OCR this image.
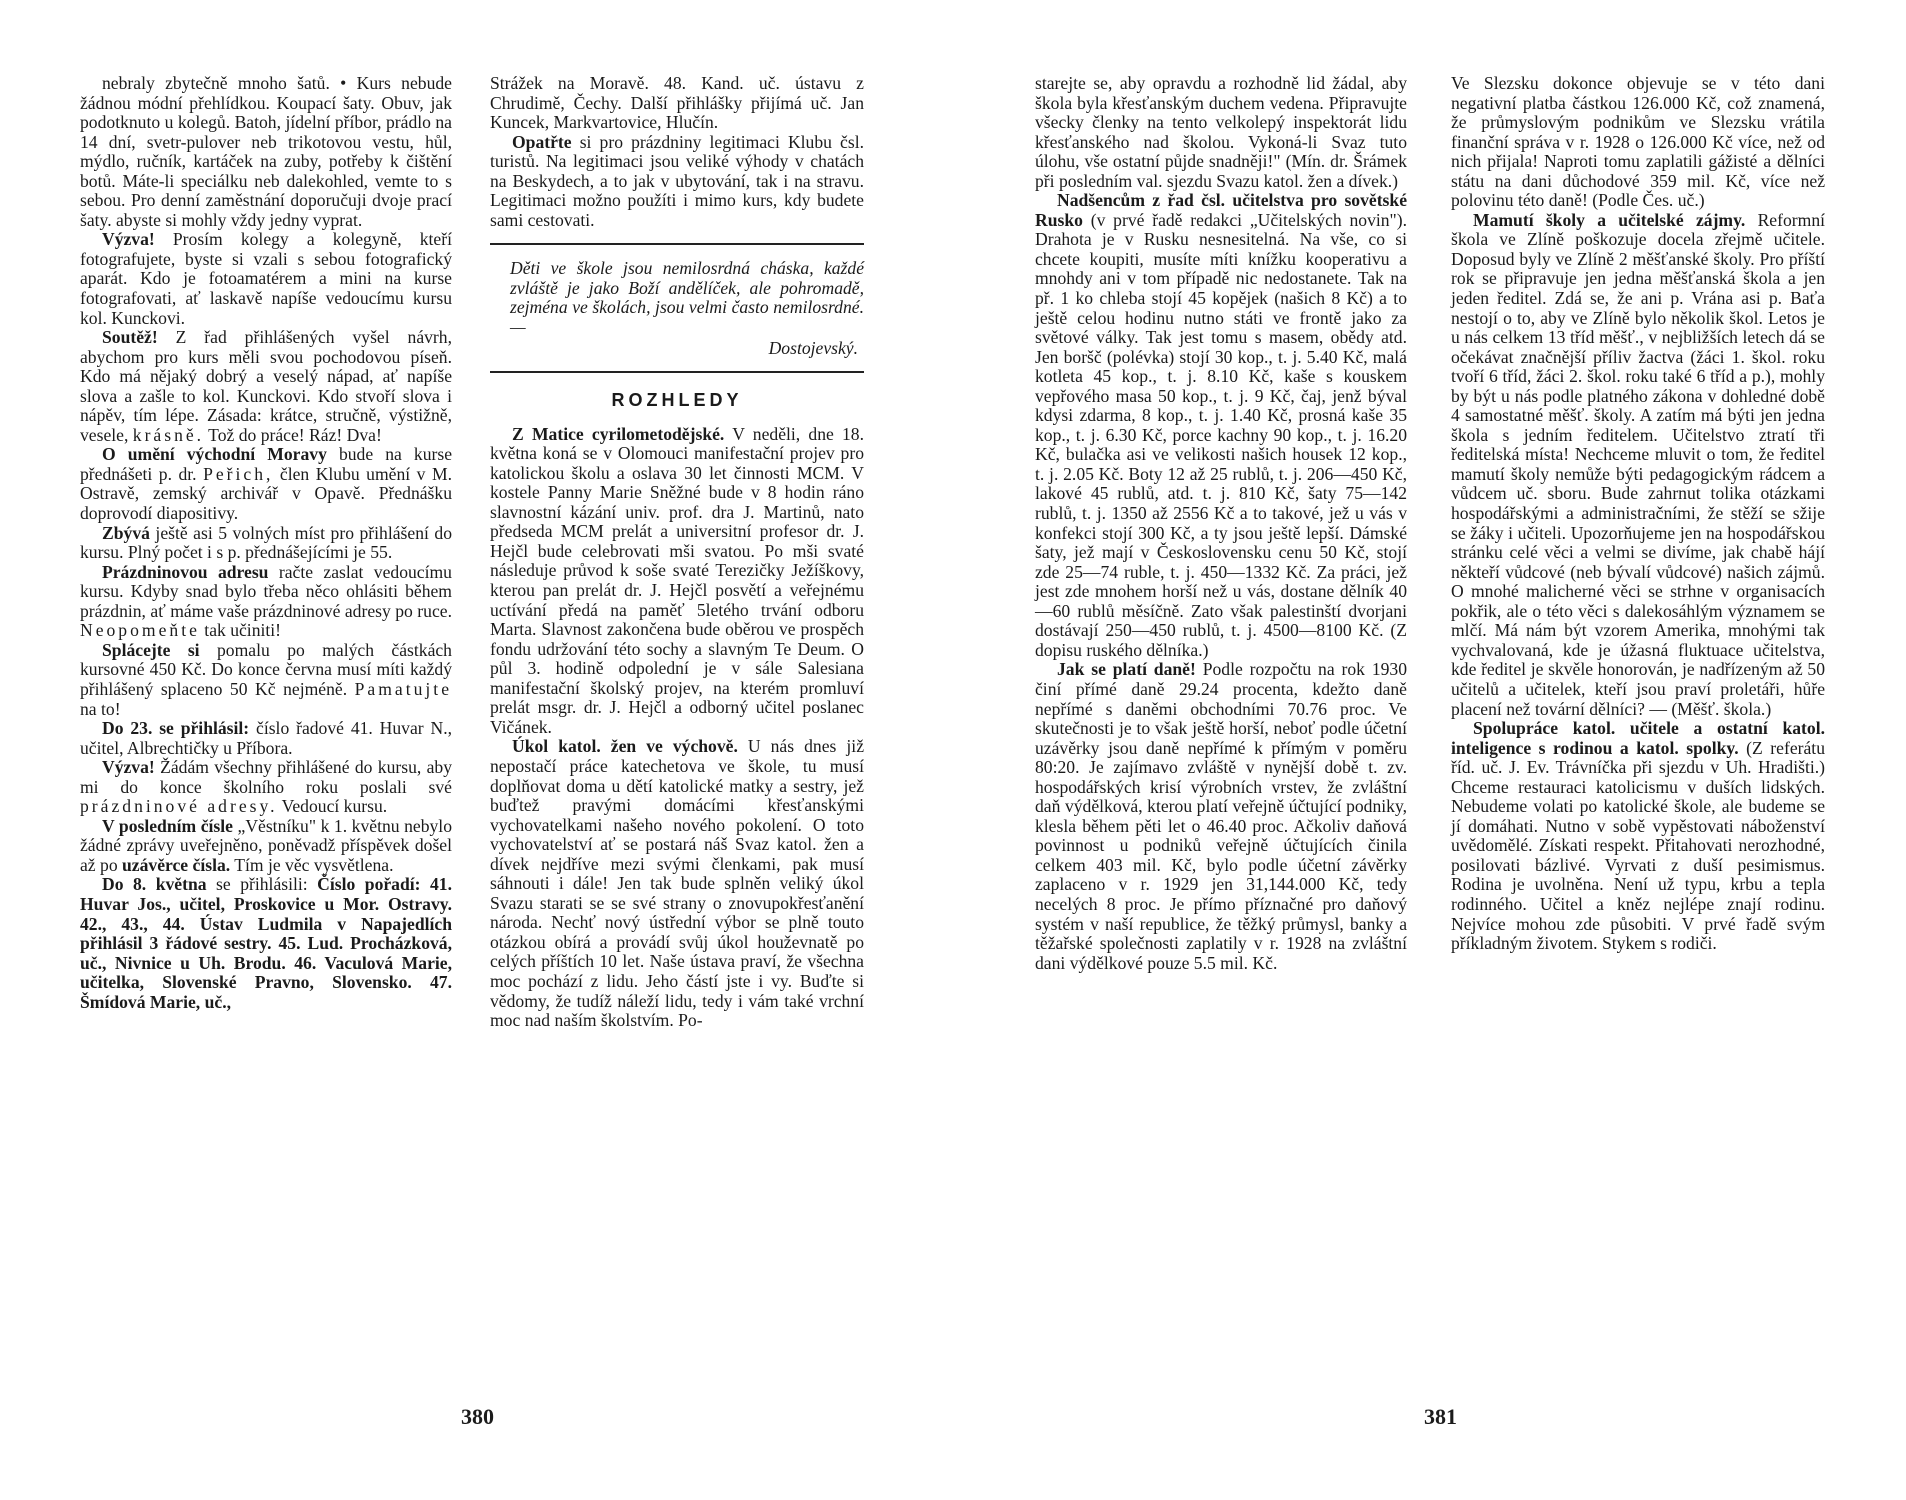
nebraly zbytečně mnoho šatů. • Kurs nebude žádnou módní přehlídkou. Koupací šaty. Obuv, jak podotknuto u kolegů. Batoh, jídelní příbor, prádlo na 14 dní, svetr-pulover neb trikotovou vestu, hůl, mýdlo, ručník, kartáček na zuby, potřeby k čištění botů. Máte-li speciálku neb dalekohled, vemte to s sebou. Pro denní zaměstnání doporučuji dvoje prací šaty. abyste si mohly vždy jedny vyprat.

Výzva! Prosím kolegy a kolegyně, kteří fotografujete, byste si vzali s sebou fotografický aparát. Kdo je fotoamatérem a mini na kurse fotografovati, ať laskavě napíše vedoucímu kursu kol. Kunckovi.

Soutěž! Z řad přihlášených vyšel návrh, abychom pro kurs měli svou pochodovou píseň. Kdo má nějaký dobrý a veselý nápad, ať napíše slova a zašle to kol. Kunckovi. Kdo stvoří slova i nápěv, tím lépe. Zásada: krátce, stručně, výstižně, vesele, krásně. Tož do práce! Ráz! Dva!

O umění východní Moravy bude na kurse přednášeti p. dr. Peřich, člen Klubu umění v M. Ostravě, zemský archivář v Opavě. Přednášku doprovodí diapositivy.

Zbývá ještě asi 5 volných míst pro přihlášení do kursu. Plný počet i s p. přednášejícími je 55.

Prázdninovou adresu račte zaslat vedoucímu kursu. Kdyby snad bylo třeba něco ohlásiti během prázdnin, ať máme vaše prázdninové adresy po ruce. Neopomeňte tak učiniti!

Splácejte si pomalu po malých částkách kursovné 450 Kč. Do konce června musí míti každý přihlášený splaceno 50 Kč nejméně. Pamatujte na to!

Do 23. se přihlásil: číslo řadové 41. Huvar N., učitel, Albrechtičky u Příbora.

Výzva! Žádám všechny přihlášené do kursu, aby mi do konce školního roku poslali své prázdninové adresy. Vedoucí kursu.

V posledním čísle „Věstníku" k 1. květnu nebylo žádné zprávy uveřejněno, poněvadž příspěvek došel až po uzávěrce čísla. Tím je věc vysvětlena.

Do 8. května se přihlásili: Číslo pořadí: 41. Huvar Jos., učitel, Proskovice u Mor. Ostravy. 42., 43., 44. Ústav Ludmila v Napajedlích přihlásil 3 řádové sestry. 45. Lud. Procházková, uč., Nivnice u Uh. Brodu. 46. Vaculová Marie, učitelka, Slovenské Pravno, Slovensko. 47. Šmídová Marie, uč.,

Strážek na Moravě. 48. Kand. uč. ústavu z Chrudimě, Čechy. Další přihlášky přijímá uč. Jan Kuncek, Markvartovice, Hlučín.

Opatřte si pro prázdniny legitimaci Klubu čsl. turistů. Na legitimaci jsou veliké výhody v chatách na Beskydech, a to jak v ubytování, tak i na stravu. Legitimaci možno použíti i mimo kurs, kdy budete sami cestovati.

Děti ve škole jsou nemilosrdná cháska, každé zvláště je jako Boží andělíček, ale pohromadě, zejména ve školách, jsou velmi často nemilosrdné. —

Dostojevský.

ROZHLEDY

Z Matice cyrilometodějské. V neděli, dne 18. května koná se v Olomouci manifestační projev pro katolickou školu a oslava 30 let činnosti MCM. V kostele Panny Marie Sněžné bude v 8 hodin ráno slavnostní kázání univ. prof. dra J. Martinů, nato předseda MCM prelát a universitní profesor dr. J. Hejčl bude celebrovati mši svatou. Po mši svaté následuje průvod k soše svaté Terezičky Ježíškovy, kterou pan prelát dr. J. Hejčl posvětí a veřejnému uctívání předá na paměť 5letého trvání odboru Marta. Slavnost zakončena bude oběrou ve prospěch fondu udržování této sochy a slavným Te Deum. O půl 3. hodině odpolední je v sále Salesiana manifestační školský projev, na kterém promluví prelát msgr. dr. J. Hejčl a odborný učitel poslanec Vičánek.

Úkol katol. žen ve výchově. U nás dnes již nepostačí práce katechetova ve škole, tu musí doplňovat doma u dětí katolické matky a sestry, jež buďtež pravými domácími křesťanskými vychovatelkami našeho nového pokolení. O toto vychovatelství ať se postará náš Svaz katol. žen a dívek nejdříve mezi svými členkami, pak musí sáhnouti i dále! Jen tak bude splněn veliký úkol Svazu starati se se své strany o znovupokřesťanění národa. Nechť nový ústřední výbor se plně touto otázkou obírá a provádí svůj úkol houževnatě po celých příštích 10 let. Naše ústava praví, že všechna moc pochází z lidu. Jeho částí jste i vy. Buďte si vědomy, že tudíž náleží lidu, tedy i vám také vrchní moc nad naším školstvím. Po-

380

starejte se, aby opravdu a rozhodně lid žádal, aby škola byla křesťanským duchem vedena. Připravujte všecky členky na tento velkolepý inspektorát lidu křesťanského nad školou. Vykoná-li Svaz tuto úlohu, vše ostatní půjde snadněji!" (Mín. dr. Šrámek při posledním val. sjezdu Svazu katol. žen a dívek.)

Nadšencům z řad čsl. učitelstva pro sovětské Rusko (v prvé řadě redakci „Učitelských novin"). Drahota je v Rusku nesnesitelná. Na vše, co si chcete koupiti, musíte míti knížku kooperativu a mnohdy ani v tom případě nic nedostanete. Tak na př. 1 ko chleba stojí 45 kopějek (našich 8 Kč) a to ještě celou hodinu nutno státi ve frontě jako za světové války. Tak jest tomu s masem, obědy atd. Jen boršč (polévka) stojí 30 kop., t. j. 5.40 Kč, malá kotleta 45 kop., t. j. 8.10 Kč, kaše s kouskem vepřového masa 50 kop., t. j. 9 Kč, čaj, jenž býval kdysi zdarma, 8 kop., t. j. 1.40 Kč, prosná kaše 35 kop., t. j. 6.30 Kč, porce kachny 90 kop., t. j. 16.20 Kč, bulačka asi ve velikosti našich housek 12 kop., t. j. 2.05 Kč. Boty 12 až 25 rublů, t. j. 206—450 Kč, lakové 45 rublů, atd. t. j. 810 Kč, šaty 75—142 rublů, t. j. 1350 až 2556 Kč a to takové, jež u vás v konfekci stojí 300 Kč, a ty jsou ještě lepší. Dámské šaty, jež mají v Československu cenu 50 Kč, stojí zde 25—74 ruble, t. j. 450—1332 Kč. Za práci, jež jest zde mnohem horší než u vás, dostane dělník 40—60 rublů měsíčně. Zato však palestinští dvorjani dostávají 250—450 rublů, t. j. 4500—8100 Kč. (Z dopisu ruského dělníka.)

Jak se platí daně! Podle rozpočtu na rok 1930 činí přímé daně 29.24 procenta, kdežto daně nepřímé s daněmi obchodními 70.76 proc. Ve skutečnosti je to však ještě horší, neboť podle účetní uzávěrky jsou daně nepřímé k přímým v poměru 80:20. Je zajímavo zvláště v nynější době t. zv. hospodářských krisí výrobních vrstev, že zvláštní daň výdělková, kterou platí veřejně účtující podniky, klesla během pěti let o 46.40 proc. Ačkoliv daňová povinnost u podniků veřejně účtujících činila celkem 403 mil. Kč, bylo podle účetní závěrky zaplaceno v r. 1929 jen 31,144.000 Kč, tedy necelých 8 proc. Je přímo příznačné pro daňový systém v naší republice, že těžký průmysl, banky a těžařské společnosti zaplatily v r. 1928 na zvláštní dani výdělkové pouze 5.5 mil. Kč.

Ve Slezsku dokonce objevuje se v této dani negativní platba částkou 126.000 Kč, což znamená, že průmyslovým podnikům ve Slezsku vrátila finanční správa v r. 1928 o 126.000 Kč více, než od nich přijala! Naproti tomu zaplatili gážisté a dělníci státu na dani důchodové 359 mil. Kč, více než polovinu této daně! (Podle Čes. uč.)

Mamutí školy a učitelské zájmy. Reformní škola ve Zlíně poškozuje docela zřejmě učitele. Doposud byly ve Zlíně 2 měšťanské školy. Pro příští rok se připravuje jen jedna měšťanská škola a jen jeden ředitel. Zdá se, že ani p. Vrána asi p. Baťa nestojí o to, aby ve Zlíně bylo několik škol. Letos je u nás celkem 13 tříd měšť., v nejbližších letech dá se očekávat značnější příliv žactva (žáci 1. škol. roku tvoří 6 tříd, žáci 2. škol. roku také 6 tříd a p.), mohly by být u nás podle platného zákona v dohledné době 4 samostatné měšť. školy. A zatím má býti jen jedna škola s jedním ředitelem. Učitelstvo ztratí tři ředitelská místa! Nechceme mluvit o tom, že ředitel mamutí školy nemůže býti pedagogickým rádcem a vůdcem uč. sboru. Bude zahrnut tolika otázkami hospodářskými a administračními, že stěží se sžije se žáky i učiteli. Upozorňujeme jen na hospodářskou stránku celé věci a velmi se divíme, jak chabě hájí někteří vůdcové (neb bývalí vůdcové) našich zájmů. O mnohé malicherné věci se strhne v organisacích pokřik, ale o této věci s dalekosáhlým významem se mlčí. Má nám být vzorem Amerika, mnohými tak vychvalovaná, kde je úžasná fluktuace učitelstva, kde ředitel je skvěle honorován, je nadřízeným až 50 učitelů a učitelek, kteří jsou praví proletáři, hůře placení než tovární dělníci? — (Měšť. škola.)

Spolupráce katol. učitele a ostatní katol. inteligence s rodinou a katol. spolky. (Z referátu říd. uč. J. Ev. Trávníčka při sjezdu v Uh. Hradišti.) Chceme restauraci katolicismu v duších lidských. Nebudeme volati po katolické škole, ale budeme se jí domáhati. Nutno v sobě vypěstovati náboženství uvědomělé. Získati respekt. Přitahovati nerozhodné, posilovati bázlivé. Vyrvati z duší pesimismus. Rodina je uvolněna. Není už typu, krbu a tepla rodinného. Učitel a kněz nejlépe znají rodinu. Nejvíce mohou zde působiti. V prvé řadě svým příkladným životem. Stykem s rodiči.

381
